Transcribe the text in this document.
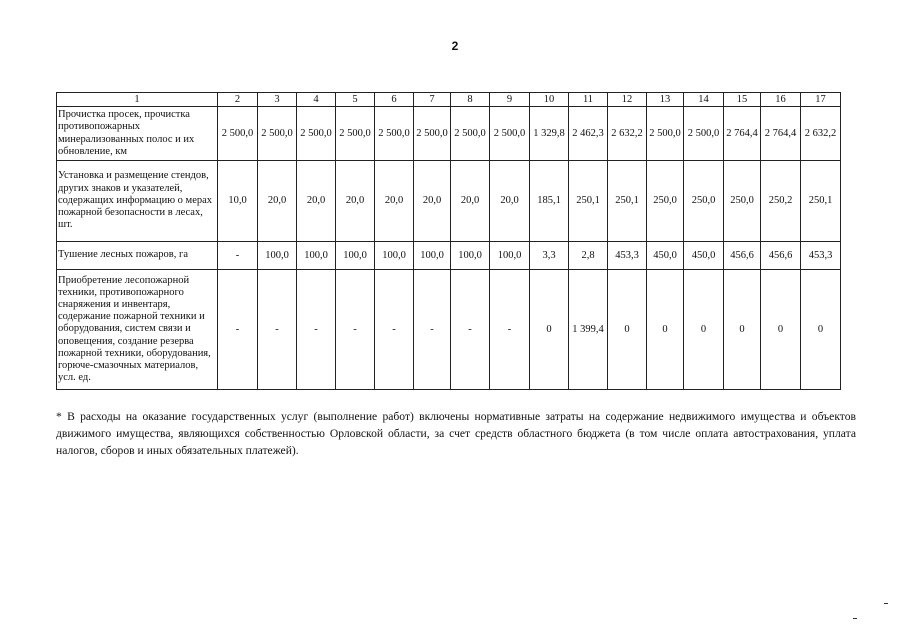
2
1	2	3	4	5	6	7	8	9	10	11	12	13	14	15	16	17
Прочистка просек, прочистка противопожарных минерализованных полос и их обновление, км	2 500,0	2 500,0	2 500,0	2 500,0	2 500,0	2 500,0	2 500,0	2 500,0	1 329,8	2 462,3	2 632,2	2 500,0	2 500,0	2 764,4	2 764,4	2 632,2
Установка и размещение стендов, других знаков и указателей, содержащих информацию о мерах пожарной безопасности в лесах, шт.	10,0	20,0	20,0	20,0	20,0	20,0	20,0	20,0	185,1	250,1	250,1	250,0	250,0	250,0	250,2	250,1
Тушение лесных пожаров, га	-	100,0	100,0	100,0	100,0	100,0	100,0	100,0	3,3	2,8	453,3	450,0	450,0	456,6	456,6	453,3
Приобретение лесопожарной техники, противопожарного снаряжения и инвентаря, содержание пожарной техники и оборудования, систем связи и оповещения, создание резерва пожарной техники, оборудования, горюче-смазочных материалов, усл. ед.	-	-	-	-	-	-	-	-	0	1 399,4	0	0	0	0	0	0
* В расходы на оказание государственных услуг (выполнение работ) включены нормативные затраты на содержание недвижимого имущества и объектов движимого имущества, являющихся собственностью Орловской области, за счет средств областного бюджета (в том числе оплата автострахования, уплата налогов, сборов и иных обязательных платежей).
